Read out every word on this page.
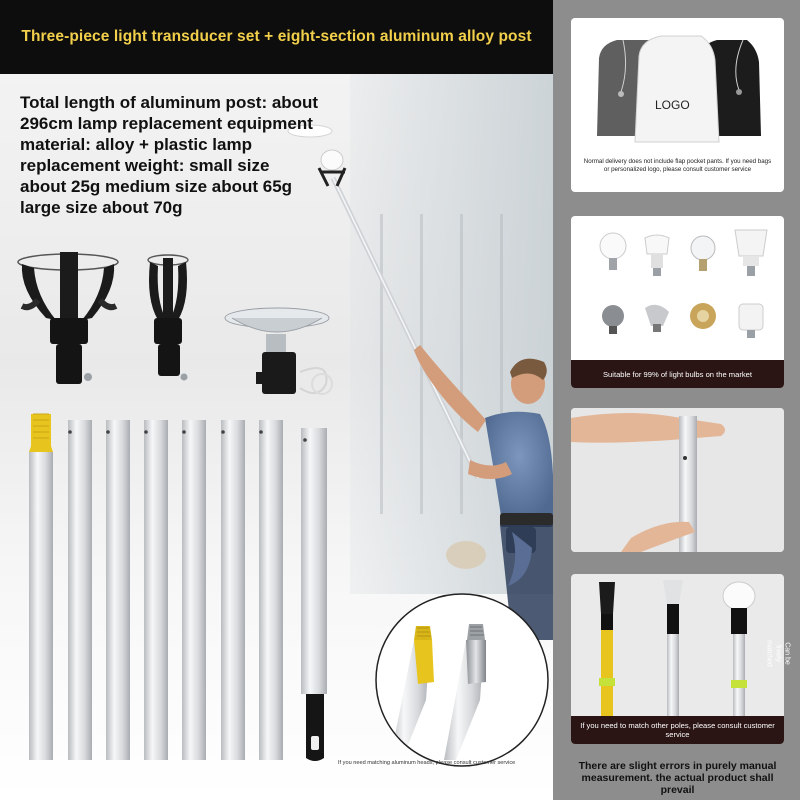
Three-piece light transducer set + eight-section aluminum alloy post
Total length of aluminum post: about 296cm lamp replacement equipment material: alloy + plastic lamp replacement weight: small size about 25g medium size about 65g large size about 70g
If you need matching aluminum heads, please consult customer service
LOGO
Normal delivery does not include flap pocket pants. If you need bags or personalized logo, please consult customer service
Suitable for 99% of light bulbs on the market
If you need to match other poles, please consult customer service
Can be freely matched
There are slight errors in purely manual measurement. the actual product shall prevail
